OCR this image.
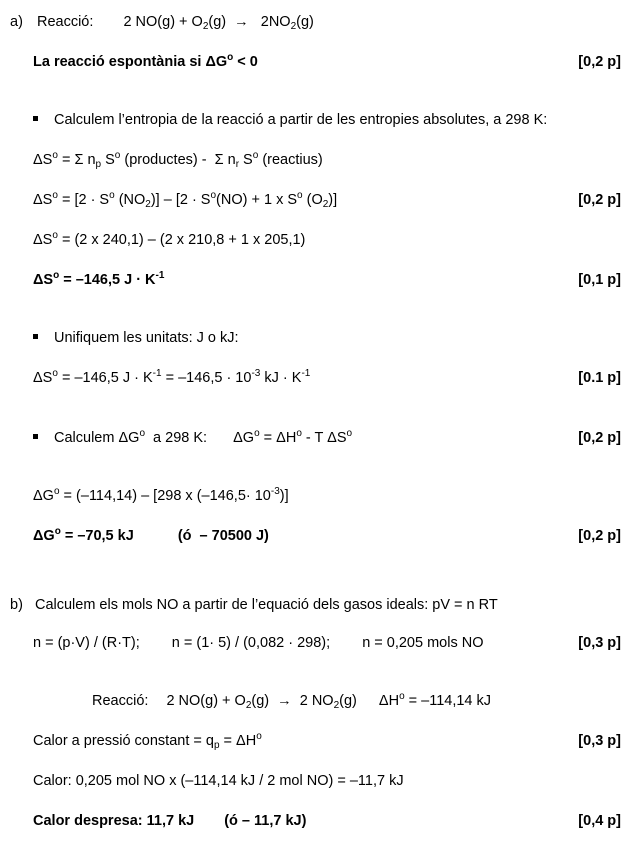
a) Reacció: 2 $NO(g) + O_2(g) \to 2NO_2(g)$
La reacció espontània si $\Delta G^o < 0$	[0,2 p]
Calculem l’entropia de la reacció a partir de les entropies absolutes, a 298 K:
$\Delta S^o = \Sigma$ $n_p$ $S^o$ (productes) -  Σ $n_r$ $S^o$ (reactius)
$\Delta S^o = [2 \cdot S^o$ $(NO_2)] - [2 \cdot S^o(NO) + 1$ x $S^o$ $(O_2)$]	[0,2 p]
$\Delta S^o = (2$ x 240,1) – (2 x 210,8 + 1 x 205,1)
$\Delta S^o = -146,5$ $J \cdot K^{-1}$	[0,1 p]
Unifiquem les unitats: J o kJ:
$\Delta S^o = -146,5$ $J \cdot K^{-1} = -146,5 \cdot 10^{-3}$ kJ · $K^{-1}$	[0.1 p]
Calculem $\Delta G^o$  a 298 K: $\Delta G^o = \Delta H^o - T$ $\Delta S^o$	[0,2 p]
$\Delta G^o = (-114,14) - [298$ x $(-146,5\cdot 10^{-3})$]
$\Delta G^o = -70,5$ kJ	(ó  – 70500 J)	[0,2 p]
b) Calculem els mols NO a partir de l’equació dels gasos ideals: pV = n RT
n = (p·V) / (R·T); n = (1· 5) / (0,082 · 298); n = 0,205 mols NO	[0,3 p]
Reacció: 2 $NO(g) + O_2(g) \to 2$ $NO_2(g) \Delta H^o = -114,14$ kJ
Calor a pressió constant = $q_p = \Delta H^o$	[0,3 p]
Calor: 0,205 mol NO x (–114,14 kJ / 2 mol NO) = –11,7 kJ
Calor despresa: 11,7 kJ (ó – 11,7 kJ)	[0,4 p]
